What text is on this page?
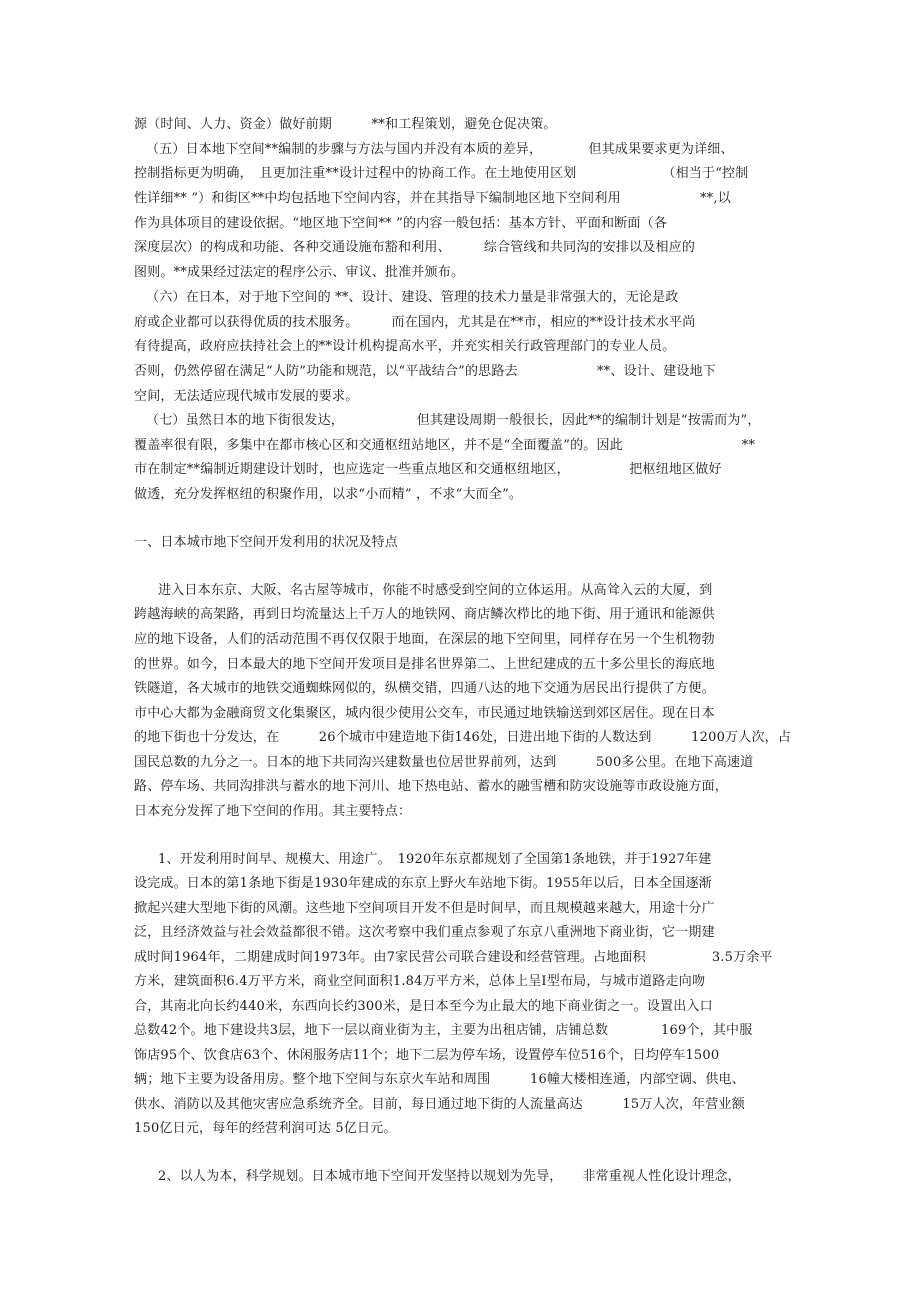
源（时间、人力、资金）做好前期　　　**和工程策划，避免仓促决策。
（五）日本地下空间**编制的步骤与方法与国内并没有本质的差异，　　　　但其成果要求更为详细、
控制指标更为明确，　且更加注重**设计过程中的协商工作。在土地使用区划　　　　　　　（相当于“控制
性详细** ”）和街区**中均包括地下空间内容，并在其指导下编制地区地下空间利用　　　　　　**,以
作为具体项目的建设依据。“地区地下空间** ”的内容一般包括：基本方针、平面和断面（各
深度层次）的构成和功能、各种交通设施布豁和利用、　　　综合管线和共同沟的安排以及相应的
图则。**成果经过法定的程序公示、审议、批准并颁布。
（六）在日本，对于地下空间的 **、设计、建设、管理的技术力量是非常强大的，无论是政
府或企业都可以获得优质的技术服务。　　　而在国内，尤其是在**市，相应的**设计技术水平尚
有待提高，政府应扶持社会上的**设计机构提高水平，并充实相关行政管理部门的专业人员。
否则，仍然停留在满足“人防”功能和规范，以“平战结合”的思路去　　　　　　**、设计、建设地下
空间，无法适应现代城市发展的要求。
（七）虽然日本的地下街很发达，　　　　　　但其建设周期一般很长，因此**的编制计划是“按需而为”，
覆盖率很有限，多集中在都市核心区和交通枢纽站地区，并不是“全面覆盖”的。因此　　　　　　　　　**
市在制定**编制近期建设计划时，也应选定一些重点地区和交通枢纽地区，　　　　　把枢纽地区做好
做透，充分发挥枢纽的积聚作用，以求“小而精” ，不求“大而全”。
一、日本城市地下空间开发利用的状况及特点
进入日本东京、大阪、名古屋等城市，你能不时感受到空间的立体运用。从高耸入云的大厦，到
跨越海峡的高架路，再到日均流量达上千万人的地铁网、商店鳞次栉比的地下街、用于通讯和能源供
应的地下设备，人们的活动范围不再仅仅限于地面，在深层的地下空间里，同样存在另一个生机物勃
的世界。如今，日本最大的地下空间开发项目是排名世界第二、上世纪建成的五十多公里长的海底地
铁隧道，各大城市的地铁交通蜘蛛网似的，纵横交错，四通八达的地下交通为居民出行提供了方便。
市中心大都为金融商贸文化集聚区，城内很少使用公交车，市民通过地铁输送到郊区居住。现在日本
的地下街也十分发达，在　　　26个城市中建造地下街146处，日进出地下街的人数达到　　　1200万人次，占
国民总数的九分之一。日本的地下共同沟兴建数量也位居世界前列，达到　　　500多公里。在地下高速道
路、停车场、共同沟排洪与蓄水的地下河川、地下热电站、蓄水的融雪槽和防灾设施等市政设施方面，
日本充分发挥了地下空间的作用。其主要特点：
1、开发利用时间早、规模大、用途广。　1920年东京都规划了全国第1条地铁，并于1927年建
设完成。日本的第1条地下街是1930年建成的东京上野火车站地下街。1955年以后，日本全国逐渐
掀起兴建大型地下街的风潮。这些地下空间项目开发不但是时间早，而且规模越来越大，用途十分广
泛，且经济效益与社会效益都很不错。这次考察中我们重点参观了东京八重洲地下商业街，它一期建
成时间1964年，二期建成时间1973年。由7家民营公司联合建设和经营管理。占地面积　　　　　3.5万余平
方米，建筑面积6.4万平方米，商业空间面积1.84万平方米，总体上呈I型布局，与城市道路走向吻
合，其南北向长约440米，东西向长约300米，是日本至今为止最大的地下商业街之一。设置出入口
总数42个。地下建设共3层，地下一层以商业街为主，主要为出租店铺，店铺总数　　　　169个，其中服
饰店95个、饮食店63个、休闲服务店11个；地下二层为停车场，设置停车位516个，日均停车1500
辆；地下主要为设备用房。整个地下空间与东京火车站和周围　　　16幢大楼相连通，内部空调、供电、
供水、消防以及其他灾害应急系统齐全。目前，每日通过地下街的人流量高达　　　15万人次，年营业额
150亿日元，每年的经营利润可达 5亿日元。
2、以人为本，科学规划。日本城市地下空间开发坚持以规划为先导，　　非常重视人性化设计理念，
